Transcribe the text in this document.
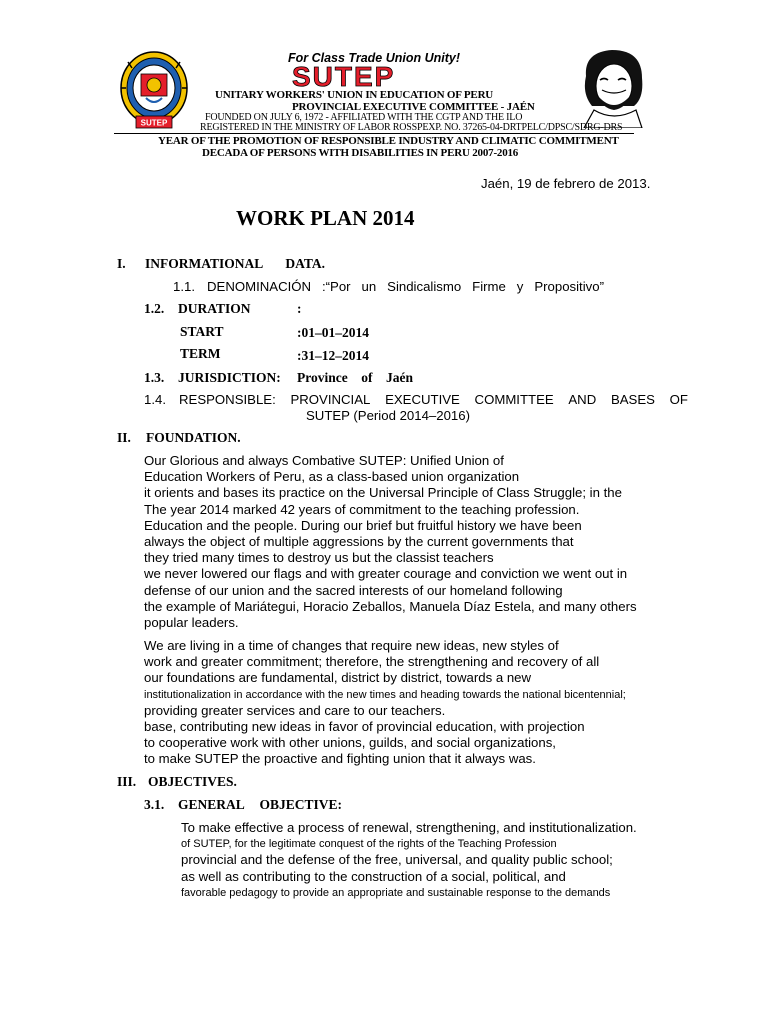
SUTEP
For Class Trade Union Unity!
SUTEP
UNITARY WORKERS' UNION IN EDUCATION OF PERU
PROVINCIAL EXECUTIVE COMMITTEE - JAÉN
FOUNDED ON JULY 6, 1972 - AFFILIATED WITH THE CGTP AND THE ILO
REGISTERED IN THE MINISTRY OF LABOR ROSSPEXP. NO. 37265-04-DRTPELC/DPSC/SDRG-DRS
YEAR OF THE PROMOTION OF RESPONSIBLE INDUSTRY AND CLIMATIC COMMITMENT
DECADA OF PERSONS WITH DISABILITIES IN PERU 2007-2016
Jaén, 19 de febrero de 2013.
WORK PLAN 2014
I. INFORMATIONAL DATA.
1.1. DENOMINACIÓN :“Por un Sindicalismo Firme y Propositivo”
1.2. DURATION	:
START	:01–01–2014
TERM	:31–12–2014
1.3. JURISDICTION: Province of Jaén
1.4. RESPONSIBLE: PROVINCIAL EXECUTIVE COMMITTEE AND BASES OF
SUTEP (Period 2014–2016)
II. FOUNDATION.
Our Glorious and always Combative SUTEP: Unified Union of
Education Workers of Peru, as a class-based union organization
it orients and bases its practice on the Universal Principle of Class Struggle; in the
The year 2014 marked 42 years of commitment to the teaching profession.
Education and the people. During our brief but fruitful history we have been
always the object of multiple aggressions by the current governments that
they tried many times to destroy us but the classist teachers
we never lowered our flags and with greater courage and conviction we went out in
defense of our union and the sacred interests of our homeland following
the example of Mariátegui, Horacio Zeballos, Manuela Díaz Estela, and many others
popular leaders.
We are living in a time of changes that require new ideas, new styles of
work and greater commitment; therefore, the strengthening and recovery of all
our foundations are fundamental, district by district, towards a new
institutionalization in accordance with the new times and heading towards the national bicentennial;
providing greater services and care to our teachers.
base, contributing new ideas in favor of provincial education, with projection
to cooperative work with other unions, guilds, and social organizations,
to make SUTEP the proactive and fighting union that it always was.
III. OBJECTIVES.
3.1. GENERAL OBJECTIVE:
To make effective a process of renewal, strengthening, and institutionalization.
of SUTEP, for the legitimate conquest of the rights of the Teaching Profession
provincial and the defense of the free, universal, and quality public school;
as well as contributing to the construction of a social, political, and
favorable pedagogy to provide an appropriate and sustainable response to the demands
